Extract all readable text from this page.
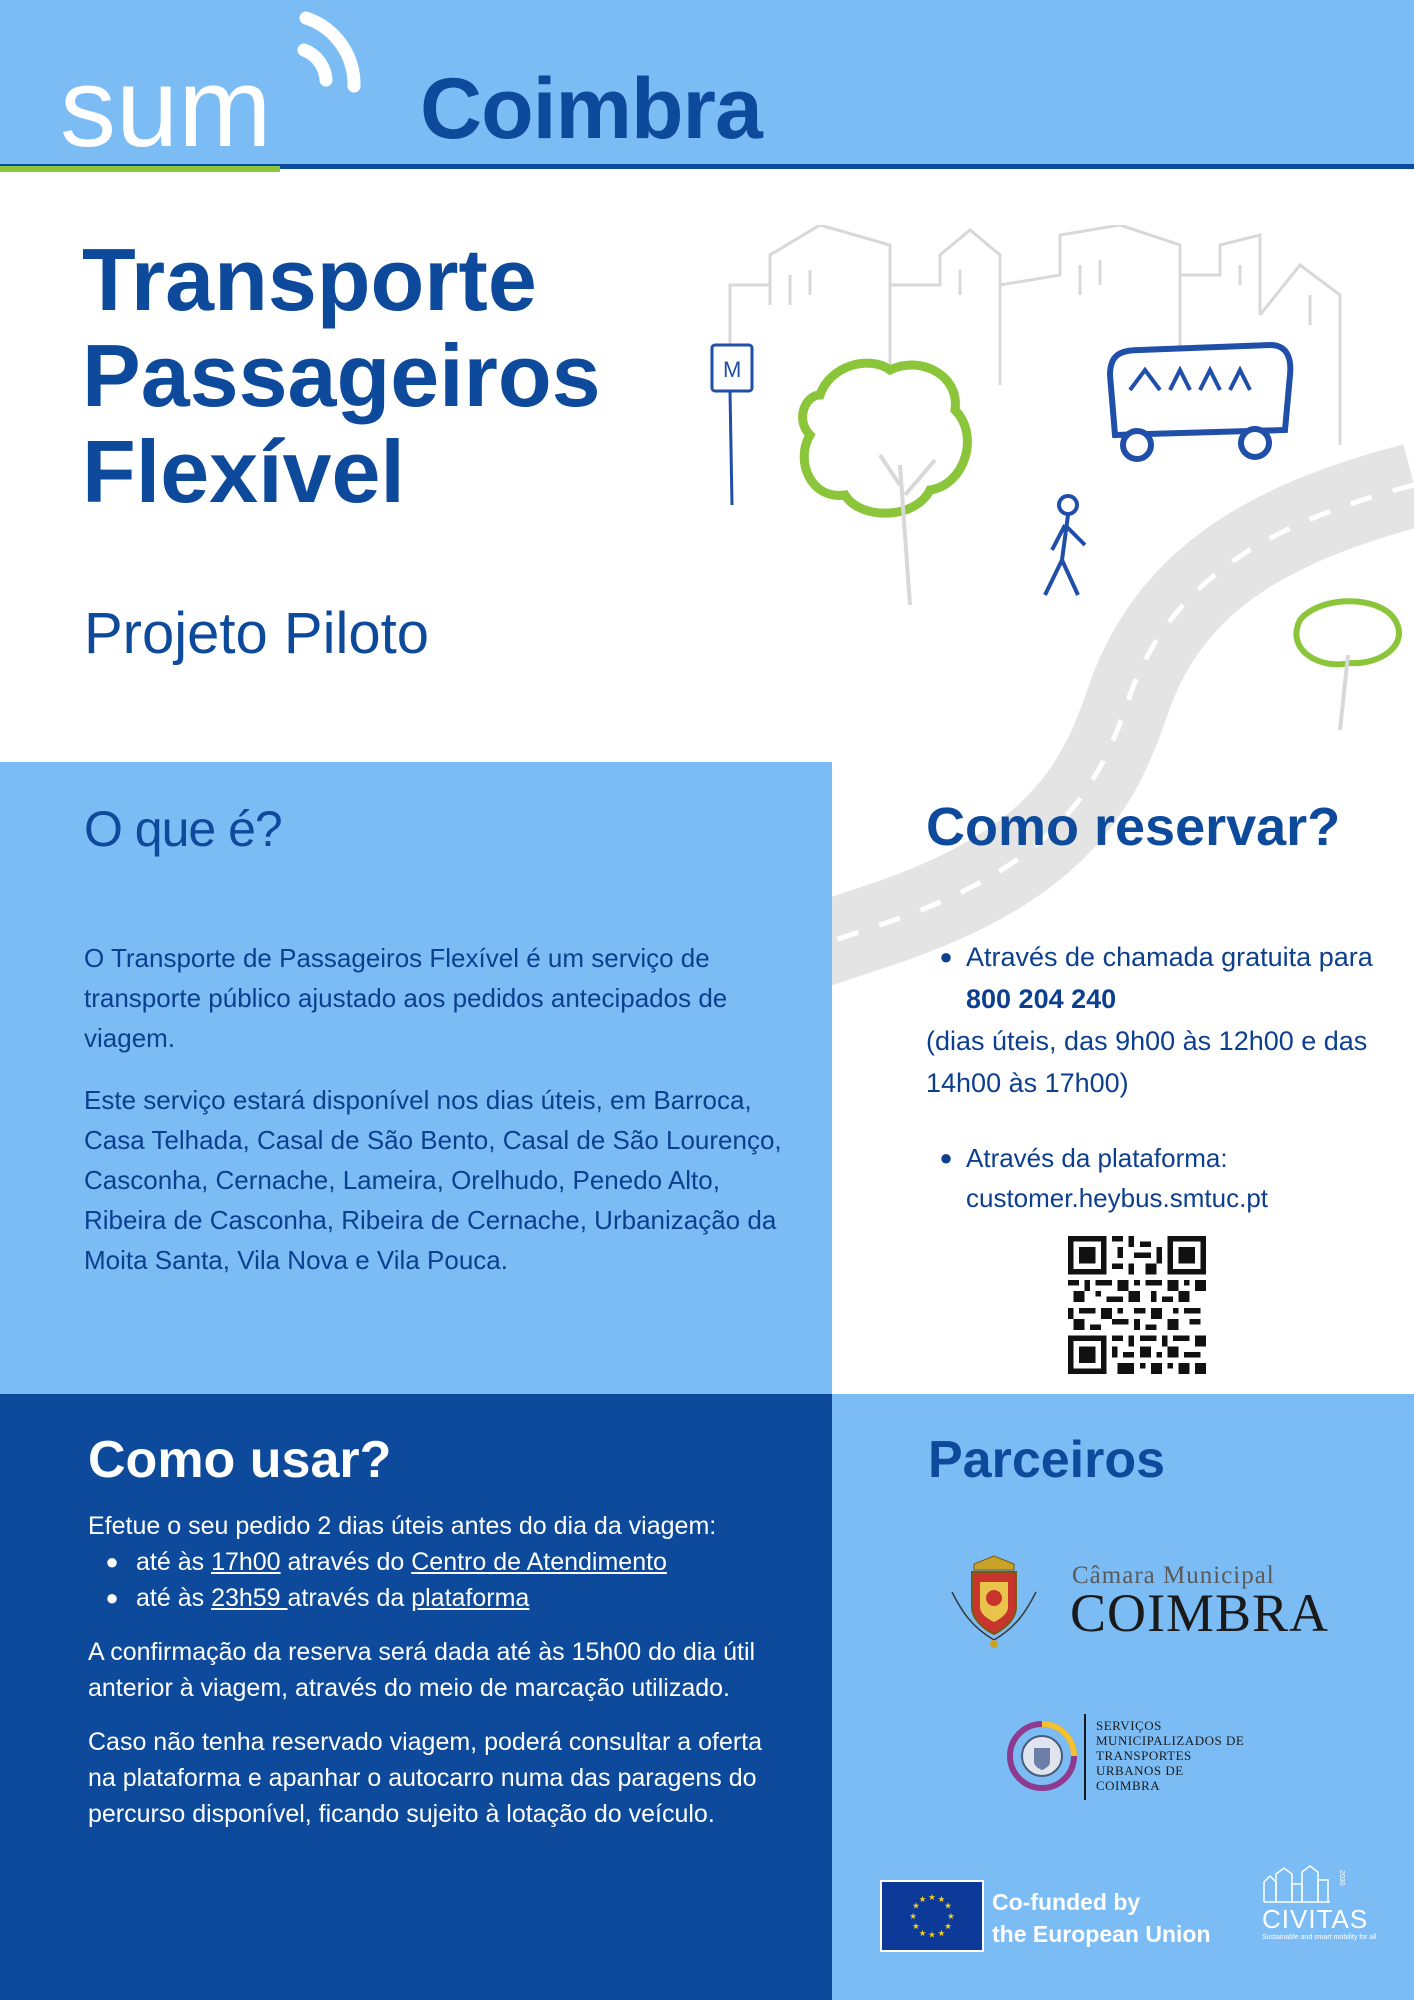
sum Coimbra
Transporte
Passageiros
Flexível
Projeto Piloto
M
O que é?

O Transporte de Passageiros Flexível é um serviço de transporte público ajustado aos pedidos antecipados de viagem.

Este serviço estará disponível nos dias úteis, em Barroca, Casa Telhada, Casal de São Bento, Casal de São Lourenço, Casconha, Cernache, Lameira, Orelhudo, Penedo Alto, Ribeira de Casconha, Ribeira de Cernache, Urbanização da Moita Santa, Vila Nova e Vila Pouca.

Como reservar?
● Através de chamada gratuita para  800 204 240
(dias úteis, das 9h00 às 12h00 e das 14h00 às 17h00)
● Através da plataforma:
customer.heybus.smtuc.pt
Como usar?
Efetue o seu pedido 2 dias úteis antes do dia da viagem:
● até às 17h00 através do Centro de Atendimento
● até às 23h59 através da plataforma

A confirmação da reserva será dada até às 15h00 do dia útil anterior à viagem, através do meio de marcação utilizado.

Caso não tenha reservado viagem, poderá consultar a oferta na plataforma e apanhar o autocarro numa das paragens do percurso disponível, ficando sujeito à lotação do veículo.

Parceiros
Câmara Municipal
COIMBRA
SERVIÇOS
MUNICIPALIZADOS DE
TRANSPORTES
URBANOS DE
COIMBRA
★ ★
★
★
★
★
★
★
★
★
★
★	Co-funded by
the European Union
2030
CIVITAS
Sustainable and smart mobility for all
